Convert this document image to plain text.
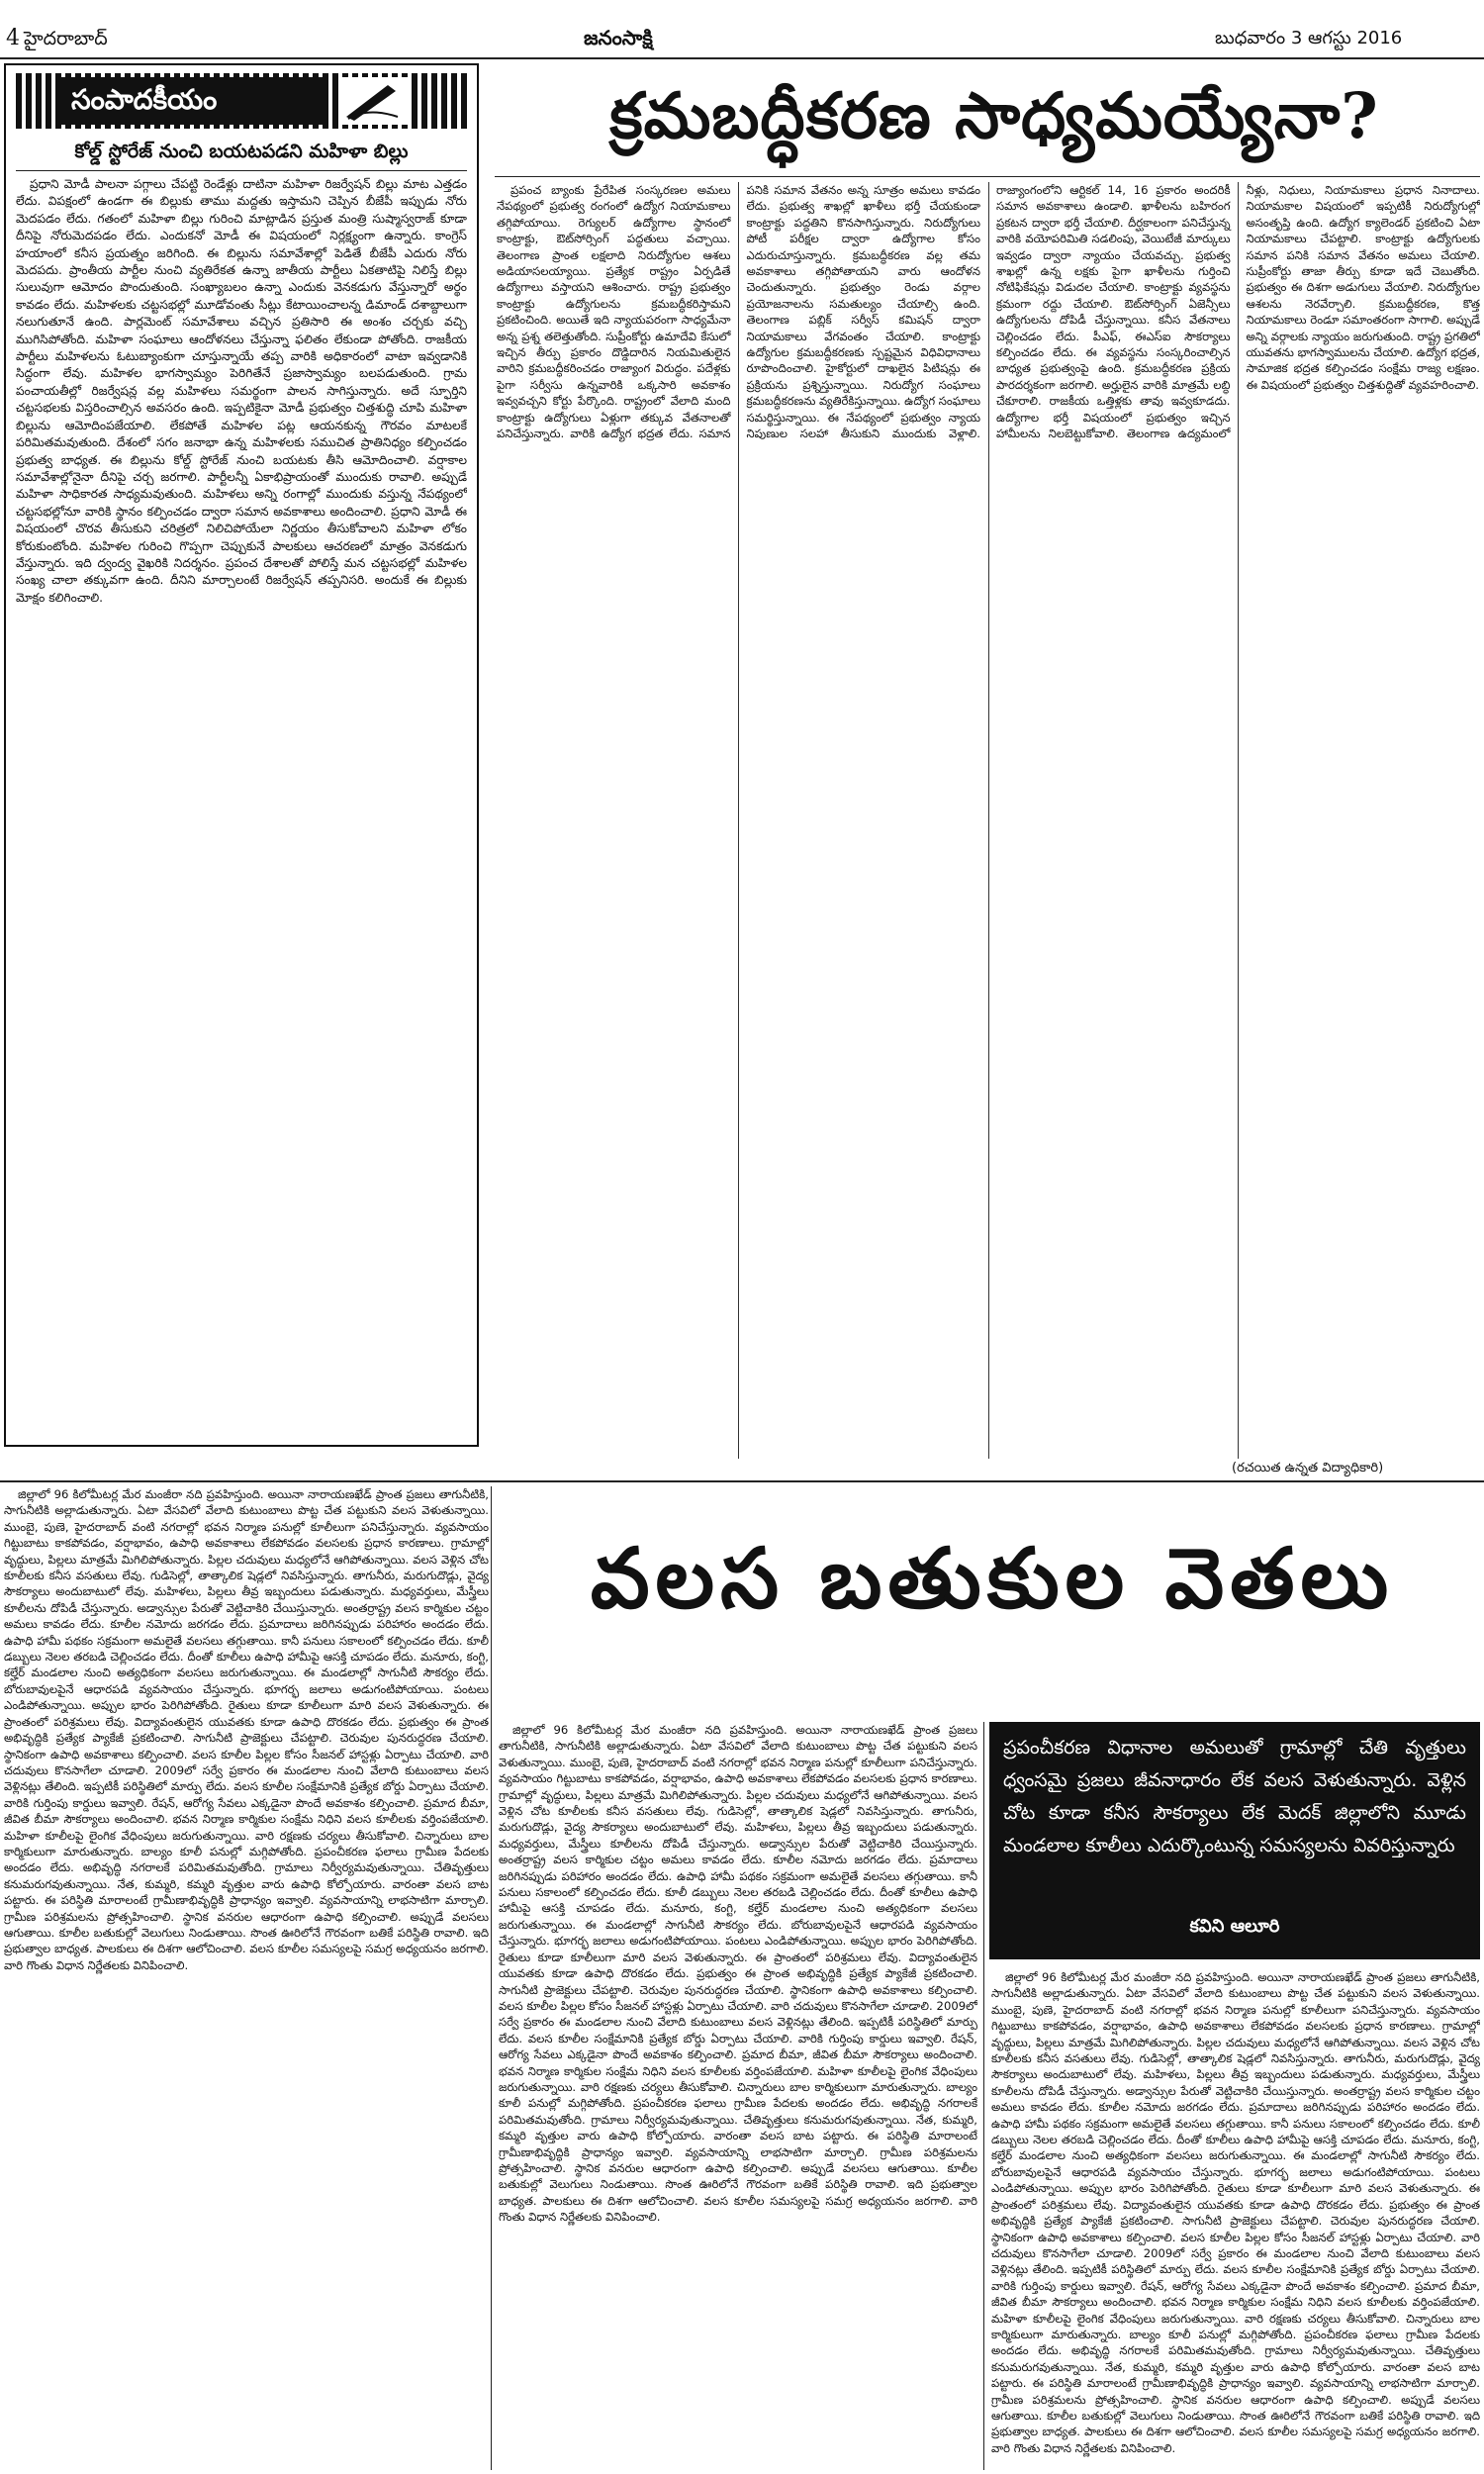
4 హైదరాబాద్	జనంసాక్షి	బుధవారం 3 ఆగస్టు 2016
సంపాదకీయం
కోల్డ్ స్టోరేజ్ నుంచి బయటపడని మహిళా బిల్లు

ప్రధాని మోడీ పాలనా పగ్గాలు చేపట్టి రెండేళ్లు దాటినా మహిళా రిజర్వేషన్ బిల్లు మాట ఎత్తడం లేదు. విపక్షంలో ఉండగా ఈ బిల్లుకు తాము మద్దతు ఇస్తామని చెప్పిన బీజేపీ ఇప్పుడు నోరు మెదపడం లేదు. గతంలో మహిళా బిల్లు గురించి మాట్లాడిన ప్రస్తుత మంత్రి సుష్మాస్వరాజ్ కూడా దీనిపై నోరుమెదపడం లేదు. ఎందుకనో మోడీ ఈ విషయంలో నిర్లక్ష్యంగా ఉన్నారు. కాంగ్రెస్ హయాంలో కనీస ప్రయత్నం జరిగింది. ఈ బిల్లును సమావేశాల్లో పెడితే బీజేపీ ఎదురు నోరు మెదపదు. ప్రాంతీయ పార్టీల నుంచి వ్యతిరేకత ఉన్నా జాతీయ పార్టీలు ఏకతాటిపై నిలిస్తే బిల్లు సులువుగా ఆమోదం పొందుతుంది. సంఖ్యాబలం ఉన్నా ఎందుకు వెనకడుగు వేస్తున్నారో అర్థం కావడం లేదు. మహిళలకు చట్టసభల్లో మూడోవంతు సీట్లు కేటాయించాలన్న డిమాండ్ దశాబ్దాలుగా నలుగుతూనే ఉంది. పార్లమెంట్ సమావేశాలు వచ్చిన ప్రతిసారి ఈ అంశం చర్చకు వచ్చి ముగిసిపోతోంది. మహిళా సంఘాలు ఆందోళనలు చేస్తున్నా ఫలితం లేకుండా పోతోంది. రాజకీయ పార్టీలు మహిళలను ఓటుబ్యాంకుగా చూస్తున్నాయే తప్ప వారికి అధికారంలో వాటా ఇవ్వడానికి సిద్ధంగా లేవు. మహిళల భాగస్వామ్యం పెరిగితేనే ప్రజాస్వామ్యం బలపడుతుంది. గ్రామ పంచాయతీల్లో రిజర్వేషన్ల వల్ల మహిళలు సమర్థంగా పాలన సాగిస్తున్నారు. అదే స్ఫూర్తిని చట్టసభలకు విస్తరించాల్సిన అవసరం ఉంది. ఇప్పటికైనా మోడీ ప్రభుత్వం చిత్తశుద్ధి చూపి మహిళా బిల్లును ఆమోదింపజేయాలి. లేకపోతే మహిళల పట్ల ఆయనకున్న గౌరవం మాటలకే పరిమితమవుతుంది. దేశంలో సగం జనాభా ఉన్న మహిళలకు సముచిత ప్రాతినిధ్యం కల్పించడం ప్రభుత్వ బాధ్యత. ఈ బిల్లును కోల్డ్ స్టోరేజ్ నుంచి బయటకు తీసి ఆమోదించాలి. వర్షాకాల సమావేశాల్లోనైనా దీనిపై చర్చ జరగాలి. పార్టీలన్నీ ఏకాభిప్రాయంతో ముందుకు రావాలి. అప్పుడే మహిళా సాధికారత సాధ్యమవుతుంది. మహిళలు అన్ని రంగాల్లో ముందుకు వస్తున్న నేపథ్యంలో చట్టసభల్లోనూ వారికి స్థానం కల్పించడం ద్వారా సమాన అవకాశాలు అందించాలి. ప్రధాని మోడీ ఈ విషయంలో చొరవ తీసుకుని చరిత్రలో నిలిచిపోయేలా నిర్ణయం తీసుకోవాలని మహిళా లోకం కోరుకుంటోంది. మహిళల గురించి గొప్పగా చెప్పుకునే పాలకులు ఆచరణలో మాత్రం వెనకడుగు వేస్తున్నారు. ఇది ద్వంద్వ వైఖరికి నిదర్శనం. ప్రపంచ దేశాలతో పోలిస్తే మన చట్టసభల్లో మహిళల సంఖ్య చాలా తక్కువగా ఉంది. దీనిని మార్చాలంటే రిజర్వేషన్ తప్పనిసరి. అందుకే ఈ బిల్లుకు మోక్షం కలిగించాలి.

క్రమబద్ధీకరణ సాధ్యమయ్యేనా?

ప్రపంచ బ్యాంకు ప్రేరేపిత సంస్కరణల అమలు నేపథ్యంలో ప్రభుత్వ రంగంలో ఉద్యోగ నియామకాలు తగ్గిపోయాయి. రెగ్యులర్ ఉద్యోగాల స్థానంలో కాంట్రాక్టు, ఔట్‌సోర్సింగ్ పద్ధతులు వచ్చాయి. తెలంగాణ ప్రాంత లక్షలాది నిరుద్యోగుల ఆశలు అడియాసలయ్యాయి. ప్రత్యేక రాష్ట్రం ఏర్పడితే ఉద్యోగాలు వస్తాయని ఆశించారు. రాష్ట్ర ప్రభుత్వం కాంట్రాక్టు ఉద్యోగులను క్రమబద్ధీకరిస్తామని ప్రకటించింది. అయితే ఇది న్యాయపరంగా సాధ్యమేనా అన్న ప్రశ్న తలెత్తుతోంది. సుప్రీంకోర్టు ఉమాదేవి కేసులో ఇచ్చిన తీర్పు ప్రకారం దొడ్డిదారిన నియమితులైన వారిని క్రమబద్ధీకరించడం రాజ్యాంగ విరుద్ధం. పదేళ్లకు పైగా సర్వీసు ఉన్నవారికి ఒక్కసారి అవకాశం ఇవ్వవచ్చని కోర్టు పేర్కొంది. రాష్ట్రంలో వేలాది మంది కాంట్రాక్టు ఉద్యోగులు ఏళ్లుగా తక్కువ వేతనాలతో పనిచేస్తున్నారు. వారికి ఉద్యోగ భద్రత లేదు. సమాన పనికి సమాన వేతనం అన్న సూత్రం అమలు కావడం లేదు. ప్రభుత్వ శాఖల్లో ఖాళీలు భర్తీ చేయకుండా కాంట్రాక్టు పద్ధతిని కొనసాగిస్తున్నారు. నిరుద్యోగులు పోటీ పరీక్షల ద్వారా ఉద్యోగాల కోసం ఎదురుచూస్తున్నారు. క్రమబద్ధీకరణ వల్ల తమ అవకాశాలు తగ్గిపోతాయని వారు ఆందోళన చెందుతున్నారు. ప్రభుత్వం రెండు వర్గాల ప్రయోజనాలను సమతుల్యం చేయాల్సి ఉంది. తెలంగాణ పబ్లిక్ సర్వీస్ కమిషన్ ద్వారా నియామకాలు వేగవంతం చేయాలి. కాంట్రాక్టు ఉద్యోగుల క్రమబద్ధీకరణకు స్పష్టమైన విధివిధానాలు రూపొందించాలి. హైకోర్టులో దాఖలైన పిటిషన్లు ఈ ప్రక్రియను ప్రశ్నిస్తున్నాయి. నిరుద్యోగ సంఘాలు క్రమబద్ధీకరణను వ్యతిరేకిస్తున్నాయి. ఉద్యోగ సంఘాలు సమర్థిస్తున్నాయి. ఈ నేపథ్యంలో ప్రభుత్వం న్యాయ నిపుణుల సలహా తీసుకుని ముందుకు వెళ్లాలి. రాజ్యాంగంలోని ఆర్టికల్ 14, 16 ప్రకారం అందరికీ సమాన అవకాశాలు ఉండాలి. ఖాళీలను బహిరంగ ప్రకటన ద్వారా భర్తీ చేయాలి. దీర్ఘకాలంగా పనిచేస్తున్న వారికి వయోపరిమితి సడలింపు, వెయిటేజీ మార్కులు ఇవ్వడం ద్వారా న్యాయం చేయవచ్చు. ప్రభుత్వ శాఖల్లో ఉన్న లక్షకు పైగా ఖాళీలను గుర్తించి నోటిఫికేషన్లు విడుదల చేయాలి. కాంట్రాక్టు వ్యవస్థను క్రమంగా రద్దు చేయాలి. ఔట్‌సోర్సింగ్ ఏజెన్సీలు ఉద్యోగులను దోపిడీ చేస్తున్నాయి. కనీస వేతనాలు చెల్లించడం లేదు. పీఎఫ్, ఈఎస్ఐ సౌకర్యాలు కల్పించడం లేదు. ఈ వ్యవస్థను సంస్కరించాల్సిన బాధ్యత ప్రభుత్వంపై ఉంది. క్రమబద్ధీకరణ ప్రక్రియ పారదర్శకంగా జరగాలి. అర్హులైన వారికి మాత్రమే లబ్ధి చేకూరాలి. రాజకీయ ఒత్తిళ్లకు తావు ఇవ్వకూడదు. ఉద్యోగాల భర్తీ విషయంలో ప్రభుత్వం ఇచ్చిన హామీలను నిలబెట్టుకోవాలి. తెలంగాణ ఉద్యమంలో నీళ్లు, నిధులు, నియామకాలు ప్రధాన నినాదాలు. నియామకాల విషయంలో ఇప్పటికీ నిరుద్యోగుల్లో అసంతృప్తి ఉంది. ఉద్యోగ క్యాలెండర్ ప్రకటించి ఏటా నియామకాలు చేపట్టాలి. కాంట్రాక్టు ఉద్యోగులకు సమాన పనికి సమాన వేతనం అమలు చేయాలి. సుప్రీంకోర్టు తాజా తీర్పు కూడా ఇదే చెబుతోంది. ప్రభుత్వం ఈ దిశగా అడుగులు వేయాలి. నిరుద్యోగుల ఆశలను నెరవేర్చాలి. క్రమబద్ధీకరణ, కొత్త నియామకాలు రెండూ సమాంతరంగా సాగాలి. అప్పుడే అన్ని వర్గాలకు న్యాయం జరుగుతుంది. రాష్ట్ర ప్రగతిలో యువతను భాగస్వాములను చేయాలి. ఉద్యోగ భద్రత, సామాజిక భద్రత కల్పించడం సంక్షేమ రాజ్య లక్షణం. ఈ విషయంలో ప్రభుత్వం చిత్తశుద్ధితో వ్యవహరించాలి.

(రచయిత ఉన్నత విద్యాధికారి)
వలస బతుకుల వెతలు
ప్రపంచీకరణ విధానాల అమలుతో గ్రామాల్లో చేతి వృత్తులు ధ్వంసమై ప్రజలు జీవనాధారం లేక వలస వెళుతున్నారు. వెళ్లిన చోట కూడా కనీస సౌకర్యాలు లేక మెదక్ జిల్లాలోని మూడు మండలాల కూలీలు ఎదుర్కొంటున్న సమస్యలను వివరిస్తున్నారు
కవిని ఆలూరి

జిల్లాలో 96 కిలోమీటర్ల మేర మంజీరా నది ప్రవహిస్తుంది. అయినా నారాయణఖేడ్ ప్రాంత ప్రజలు తాగునీటికి, సాగునీటికి అల్లాడుతున్నారు. ఏటా వేసవిలో వేలాది కుటుంబాలు పొట్ట చేత పట్టుకుని వలస వెళుతున్నాయి. ముంబై, పుణె, హైదరాబాద్ వంటి నగరాల్లో భవన నిర్మాణ పనుల్లో కూలీలుగా పనిచేస్తున్నారు. వ్యవసాయం గిట్టుబాటు కాకపోవడం, వర్షాభావం, ఉపాధి అవకాశాలు లేకపోవడం వలసలకు ప్రధాన కారణాలు. గ్రామాల్లో వృద్ధులు, పిల్లలు మాత్రమే మిగిలిపోతున్నారు. పిల్లల చదువులు మధ్యలోనే ఆగిపోతున్నాయి. వలస వెళ్లిన చోట కూలీలకు కనీస వసతులు లేవు. గుడిసెల్లో, తాత్కాలిక షెడ్లలో నివసిస్తున్నారు. తాగునీరు, మరుగుదొడ్లు, వైద్య సౌకర్యాలు అందుబాటులో లేవు. మహిళలు, పిల్లలు తీవ్ర ఇబ్బందులు పడుతున్నారు. మధ్యవర్తులు, మేస్త్రీలు కూలీలను దోపిడీ చేస్తున్నారు. అడ్వాన్సుల పేరుతో వెట్టిచాకిరి చేయిస్తున్నారు. అంతర్రాష్ట్ర వలస కార్మికుల చట్టం అమలు కావడం లేదు. కూలీల నమోదు జరగడం లేదు. ప్రమాదాలు జరిగినప్పుడు పరిహారం అందడం లేదు. ఉపాధి హామీ పథకం సక్రమంగా అమలైతే వలసలు తగ్గుతాయి. కానీ పనులు సకాలంలో కల్పించడం లేదు. కూలీ డబ్బులు నెలల తరబడి చెల్లించడం లేదు. దీంతో కూలీలు ఉపాధి హామీపై ఆసక్తి చూపడం లేదు. మనూరు, కంగ్టి, కల్హేర్ మండలాల నుంచి అత్యధికంగా వలసలు జరుగుతున్నాయి. ఈ మండలాల్లో సాగునీటి సౌకర్యం లేదు. బోరుబావులపైనే ఆధారపడి వ్యవసాయం చేస్తున్నారు. భూగర్భ జలాలు అడుగంటిపోయాయి. పంటలు ఎండిపోతున్నాయి. అప్పుల భారం పెరిగిపోతోంది. రైతులు కూడా కూలీలుగా మారి వలస వెళుతున్నారు. ఈ ప్రాంతంలో పరిశ్రమలు లేవు. విద్యావంతులైన యువతకు కూడా ఉపాధి దొరకడం లేదు. ప్రభుత్వం ఈ ప్రాంత అభివృద్ధికి ప్రత్యేక ప్యాకేజీ ప్రకటించాలి. సాగునీటి ప్రాజెక్టులు చేపట్టాలి. చెరువుల పునరుద్ధరణ చేయాలి. స్థానికంగా ఉపాధి అవకాశాలు కల్పించాలి. వలస కూలీల పిల్లల కోసం సీజనల్ హాస్టళ్లు ఏర్పాటు చేయాలి. వారి చదువులు కొనసాగేలా చూడాలి. 2009లో సర్వే ప్రకారం ఈ మండలాల నుంచి వేలాది కుటుంబాలు వలస వెళ్లినట్లు తేలింది. ఇప్పటికీ పరిస్థితిలో మార్పు లేదు. వలస కూలీల సంక్షేమానికి ప్రత్యేక బోర్డు ఏర్పాటు చేయాలి. వారికి గుర్తింపు కార్డులు ఇవ్వాలి. రేషన్, ఆరోగ్య సేవలు ఎక్కడైనా పొందే అవకాశం కల్పించాలి. ప్రమాద బీమా, జీవిత బీమా సౌకర్యాలు అందించాలి. భవన నిర్మాణ కార్మికుల సంక్షేమ నిధిని వలస కూలీలకు వర్తింపజేయాలి. మహిళా కూలీలపై లైంగిక వేధింపులు జరుగుతున్నాయి. వారి రక్షణకు చర్యలు తీసుకోవాలి. చిన్నారులు బాల కార్మికులుగా మారుతున్నారు. బాల్యం కూలీ పనుల్లో మగ్గిపోతోంది. ప్రపంచీకరణ ఫలాలు గ్రామీణ పేదలకు అందడం లేదు. అభివృద్ధి నగరాలకే పరిమితమవుతోంది. గ్రామాలు నిర్వీర్యమవుతున్నాయి. చేతివృత్తులు కనుమరుగవుతున్నాయి. నేత, కుమ్మరి, కమ్మరి వృత్తుల వారు ఉపాధి కోల్పోయారు. వారంతా వలస బాట పట్టారు. ఈ పరిస్థితి మారాలంటే గ్రామీణాభివృద్ధికి ప్రాధాన్యం ఇవ్వాలి. వ్యవసాయాన్ని లాభసాటిగా మార్చాలి. గ్రామీణ పరిశ్రమలను ప్రోత్సహించాలి. స్థానిక వనరుల ఆధారంగా ఉపాధి కల్పించాలి. అప్పుడే వలసలు ఆగుతాయి. కూలీల బతుకుల్లో వెలుగులు నిండుతాయి. సొంత ఊరిలోనే గౌరవంగా బతికే పరిస్థితి రావాలి. ఇది ప్రభుత్వాల బాధ్యత. పాలకులు ఈ దిశగా ఆలోచించాలి. వలస కూలీల సమస్యలపై సమగ్ర అధ్యయనం జరగాలి. వారి గొంతు విధాన నిర్ణేతలకు వినిపించాలి.

జిల్లాలో 96 కిలోమీటర్ల మేర మంజీరా నది ప్రవహిస్తుంది. అయినా నారాయణఖేడ్ ప్రాంత ప్రజలు తాగునీటికి, సాగునీటికి అల్లాడుతున్నారు. ఏటా వేసవిలో వేలాది కుటుంబాలు పొట్ట చేత పట్టుకుని వలస వెళుతున్నాయి. ముంబై, పుణె, హైదరాబాద్ వంటి నగరాల్లో భవన నిర్మాణ పనుల్లో కూలీలుగా పనిచేస్తున్నారు. వ్యవసాయం గిట్టుబాటు కాకపోవడం, వర్షాభావం, ఉపాధి అవకాశాలు లేకపోవడం వలసలకు ప్రధాన కారణాలు. గ్రామాల్లో వృద్ధులు, పిల్లలు మాత్రమే మిగిలిపోతున్నారు. పిల్లల చదువులు మధ్యలోనే ఆగిపోతున్నాయి. వలస వెళ్లిన చోట కూలీలకు కనీస వసతులు లేవు. గుడిసెల్లో, తాత్కాలిక షెడ్లలో నివసిస్తున్నారు. తాగునీరు, మరుగుదొడ్లు, వైద్య సౌకర్యాలు అందుబాటులో లేవు. మహిళలు, పిల్లలు తీవ్ర ఇబ్బందులు పడుతున్నారు. మధ్యవర్తులు, మేస్త్రీలు కూలీలను దోపిడీ చేస్తున్నారు. అడ్వాన్సుల పేరుతో వెట్టిచాకిరి చేయిస్తున్నారు. అంతర్రాష్ట్ర వలస కార్మికుల చట్టం అమలు కావడం లేదు. కూలీల నమోదు జరగడం లేదు. ప్రమాదాలు జరిగినప్పుడు పరిహారం అందడం లేదు. ఉపాధి హామీ పథకం సక్రమంగా అమలైతే వలసలు తగ్గుతాయి. కానీ పనులు సకాలంలో కల్పించడం లేదు. కూలీ డబ్బులు నెలల తరబడి చెల్లించడం లేదు. దీంతో కూలీలు ఉపాధి హామీపై ఆసక్తి చూపడం లేదు. మనూరు, కంగ్టి, కల్హేర్ మండలాల నుంచి అత్యధికంగా వలసలు జరుగుతున్నాయి. ఈ మండలాల్లో సాగునీటి సౌకర్యం లేదు. బోరుబావులపైనే ఆధారపడి వ్యవసాయం చేస్తున్నారు. భూగర్భ జలాలు అడుగంటిపోయాయి. పంటలు ఎండిపోతున్నాయి. అప్పుల భారం పెరిగిపోతోంది. రైతులు కూడా కూలీలుగా మారి వలస వెళుతున్నారు. ఈ ప్రాంతంలో పరిశ్రమలు లేవు. విద్యావంతులైన యువతకు కూడా ఉపాధి దొరకడం లేదు. ప్రభుత్వం ఈ ప్రాంత అభివృద్ధికి ప్రత్యేక ప్యాకేజీ ప్రకటించాలి. సాగునీటి ప్రాజెక్టులు చేపట్టాలి. చెరువుల పునరుద్ధరణ చేయాలి. స్థానికంగా ఉపాధి అవకాశాలు కల్పించాలి. వలస కూలీల పిల్లల కోసం సీజనల్ హాస్టళ్లు ఏర్పాటు చేయాలి. వారి చదువులు కొనసాగేలా చూడాలి. 2009లో సర్వే ప్రకారం ఈ మండలాల నుంచి వేలాది కుటుంబాలు వలస వెళ్లినట్లు తేలింది. ఇప్పటికీ పరిస్థితిలో మార్పు లేదు. వలస కూలీల సంక్షేమానికి ప్రత్యేక బోర్డు ఏర్పాటు చేయాలి. వారికి గుర్తింపు కార్డులు ఇవ్వాలి. రేషన్, ఆరోగ్య సేవలు ఎక్కడైనా పొందే అవకాశం కల్పించాలి. ప్రమాద బీమా, జీవిత బీమా సౌకర్యాలు అందించాలి. భవన నిర్మాణ కార్మికుల సంక్షేమ నిధిని వలస కూలీలకు వర్తింపజేయాలి. మహిళా కూలీలపై లైంగిక వేధింపులు జరుగుతున్నాయి. వారి రక్షణకు చర్యలు తీసుకోవాలి. చిన్నారులు బాల కార్మికులుగా మారుతున్నారు. బాల్యం కూలీ పనుల్లో మగ్గిపోతోంది. ప్రపంచీకరణ ఫలాలు గ్రామీణ పేదలకు అందడం లేదు. అభివృద్ధి నగరాలకే పరిమితమవుతోంది. గ్రామాలు నిర్వీర్యమవుతున్నాయి. చేతివృత్తులు కనుమరుగవుతున్నాయి. నేత, కుమ్మరి, కమ్మరి వృత్తుల వారు ఉపాధి కోల్పోయారు. వారంతా వలస బాట పట్టారు. ఈ పరిస్థితి మారాలంటే గ్రామీణాభివృద్ధికి ప్రాధాన్యం ఇవ్వాలి. వ్యవసాయాన్ని లాభసాటిగా మార్చాలి. గ్రామీణ పరిశ్రమలను ప్రోత్సహించాలి. స్థానిక వనరుల ఆధారంగా ఉపాధి కల్పించాలి. అప్పుడే వలసలు ఆగుతాయి. కూలీల బతుకుల్లో వెలుగులు నిండుతాయి. సొంత ఊరిలోనే గౌరవంగా బతికే పరిస్థితి రావాలి. ఇది ప్రభుత్వాల బాధ్యత. పాలకులు ఈ దిశగా ఆలోచించాలి. వలస కూలీల సమస్యలపై సమగ్ర అధ్యయనం జరగాలి. వారి గొంతు విధాన నిర్ణేతలకు వినిపించాలి.

జిల్లాలో 96 కిలోమీటర్ల మేర మంజీరా నది ప్రవహిస్తుంది. అయినా నారాయణఖేడ్ ప్రాంత ప్రజలు తాగునీటికి, సాగునీటికి అల్లాడుతున్నారు. ఏటా వేసవిలో వేలాది కుటుంబాలు పొట్ట చేత పట్టుకుని వలస వెళుతున్నాయి. ముంబై, పుణె, హైదరాబాద్ వంటి నగరాల్లో భవన నిర్మాణ పనుల్లో కూలీలుగా పనిచేస్తున్నారు. వ్యవసాయం గిట్టుబాటు కాకపోవడం, వర్షాభావం, ఉపాధి అవకాశాలు లేకపోవడం వలసలకు ప్రధాన కారణాలు. గ్రామాల్లో వృద్ధులు, పిల్లలు మాత్రమే మిగిలిపోతున్నారు. పిల్లల చదువులు మధ్యలోనే ఆగిపోతున్నాయి. వలస వెళ్లిన చోట కూలీలకు కనీస వసతులు లేవు. గుడిసెల్లో, తాత్కాలిక షెడ్లలో నివసిస్తున్నారు. తాగునీరు, మరుగుదొడ్లు, వైద్య సౌకర్యాలు అందుబాటులో లేవు. మహిళలు, పిల్లలు తీవ్ర ఇబ్బందులు పడుతున్నారు. మధ్యవర్తులు, మేస్త్రీలు కూలీలను దోపిడీ చేస్తున్నారు. అడ్వాన్సుల పేరుతో వెట్టిచాకిరి చేయిస్తున్నారు. అంతర్రాష్ట్ర వలస కార్మికుల చట్టం అమలు కావడం లేదు. కూలీల నమోదు జరగడం లేదు. ప్రమాదాలు జరిగినప్పుడు పరిహారం అందడం లేదు. ఉపాధి హామీ పథకం సక్రమంగా అమలైతే వలసలు తగ్గుతాయి. కానీ పనులు సకాలంలో కల్పించడం లేదు. కూలీ డబ్బులు నెలల తరబడి చెల్లించడం లేదు. దీంతో కూలీలు ఉపాధి హామీపై ఆసక్తి చూపడం లేదు. మనూరు, కంగ్టి, కల్హేర్ మండలాల నుంచి అత్యధికంగా వలసలు జరుగుతున్నాయి. ఈ మండలాల్లో సాగునీటి సౌకర్యం లేదు. బోరుబావులపైనే ఆధారపడి వ్యవసాయం చేస్తున్నారు. భూగర్భ జలాలు అడుగంటిపోయాయి. పంటలు ఎండిపోతున్నాయి. అప్పుల భారం పెరిగిపోతోంది. రైతులు కూడా కూలీలుగా మారి వలస వెళుతున్నారు. ఈ ప్రాంతంలో పరిశ్రమలు లేవు. విద్యావంతులైన యువతకు కూడా ఉపాధి దొరకడం లేదు. ప్రభుత్వం ఈ ప్రాంత అభివృద్ధికి ప్రత్యేక ప్యాకేజీ ప్రకటించాలి. సాగునీటి ప్రాజెక్టులు చేపట్టాలి. చెరువుల పునరుద్ధరణ చేయాలి. స్థానికంగా ఉపాధి అవకాశాలు కల్పించాలి. వలస కూలీల పిల్లల కోసం సీజనల్ హాస్టళ్లు ఏర్పాటు చేయాలి. వారి చదువులు కొనసాగేలా చూడాలి. 2009లో సర్వే ప్రకారం ఈ మండలాల నుంచి వేలాది కుటుంబాలు వలస వెళ్లినట్లు తేలింది. ఇప్పటికీ పరిస్థితిలో మార్పు లేదు. వలస కూలీల సంక్షేమానికి ప్రత్యేక బోర్డు ఏర్పాటు చేయాలి. వారికి గుర్తింపు కార్డులు ఇవ్వాలి. రేషన్, ఆరోగ్య సేవలు ఎక్కడైనా పొందే అవకాశం కల్పించాలి. ప్రమాద బీమా, జీవిత బీమా సౌకర్యాలు అందించాలి. భవన నిర్మాణ కార్మికుల సంక్షేమ నిధిని వలస కూలీలకు వర్తింపజేయాలి. మహిళా కూలీలపై లైంగిక వేధింపులు జరుగుతున్నాయి. వారి రక్షణకు చర్యలు తీసుకోవాలి. చిన్నారులు బాల కార్మికులుగా మారుతున్నారు. బాల్యం కూలీ పనుల్లో మగ్గిపోతోంది. ప్రపంచీకరణ ఫలాలు గ్రామీణ పేదలకు అందడం లేదు. అభివృద్ధి నగరాలకే పరిమితమవుతోంది. గ్రామాలు నిర్వీర్యమవుతున్నాయి. చేతివృత్తులు కనుమరుగవుతున్నాయి. నేత, కుమ్మరి, కమ్మరి వృత్తుల వారు ఉపాధి కోల్పోయారు. వారంతా వలస బాట పట్టారు. ఈ పరిస్థితి మారాలంటే గ్రామీణాభివృద్ధికి ప్రాధాన్యం ఇవ్వాలి. వ్యవసాయాన్ని లాభసాటిగా మార్చాలి. గ్రామీణ పరిశ్రమలను ప్రోత్సహించాలి. స్థానిక వనరుల ఆధారంగా ఉపాధి కల్పించాలి. అప్పుడే వలసలు ఆగుతాయి. కూలీల బతుకుల్లో వెలుగులు నిండుతాయి. సొంత ఊరిలోనే గౌరవంగా బతికే పరిస్థితి రావాలి. ఇది ప్రభుత్వాల బాధ్యత. పాలకులు ఈ దిశగా ఆలోచించాలి. వలస కూలీల సమస్యలపై సమగ్ర అధ్యయనం జరగాలి. వారి గొంతు విధాన నిర్ణేతలకు వినిపించాలి.
